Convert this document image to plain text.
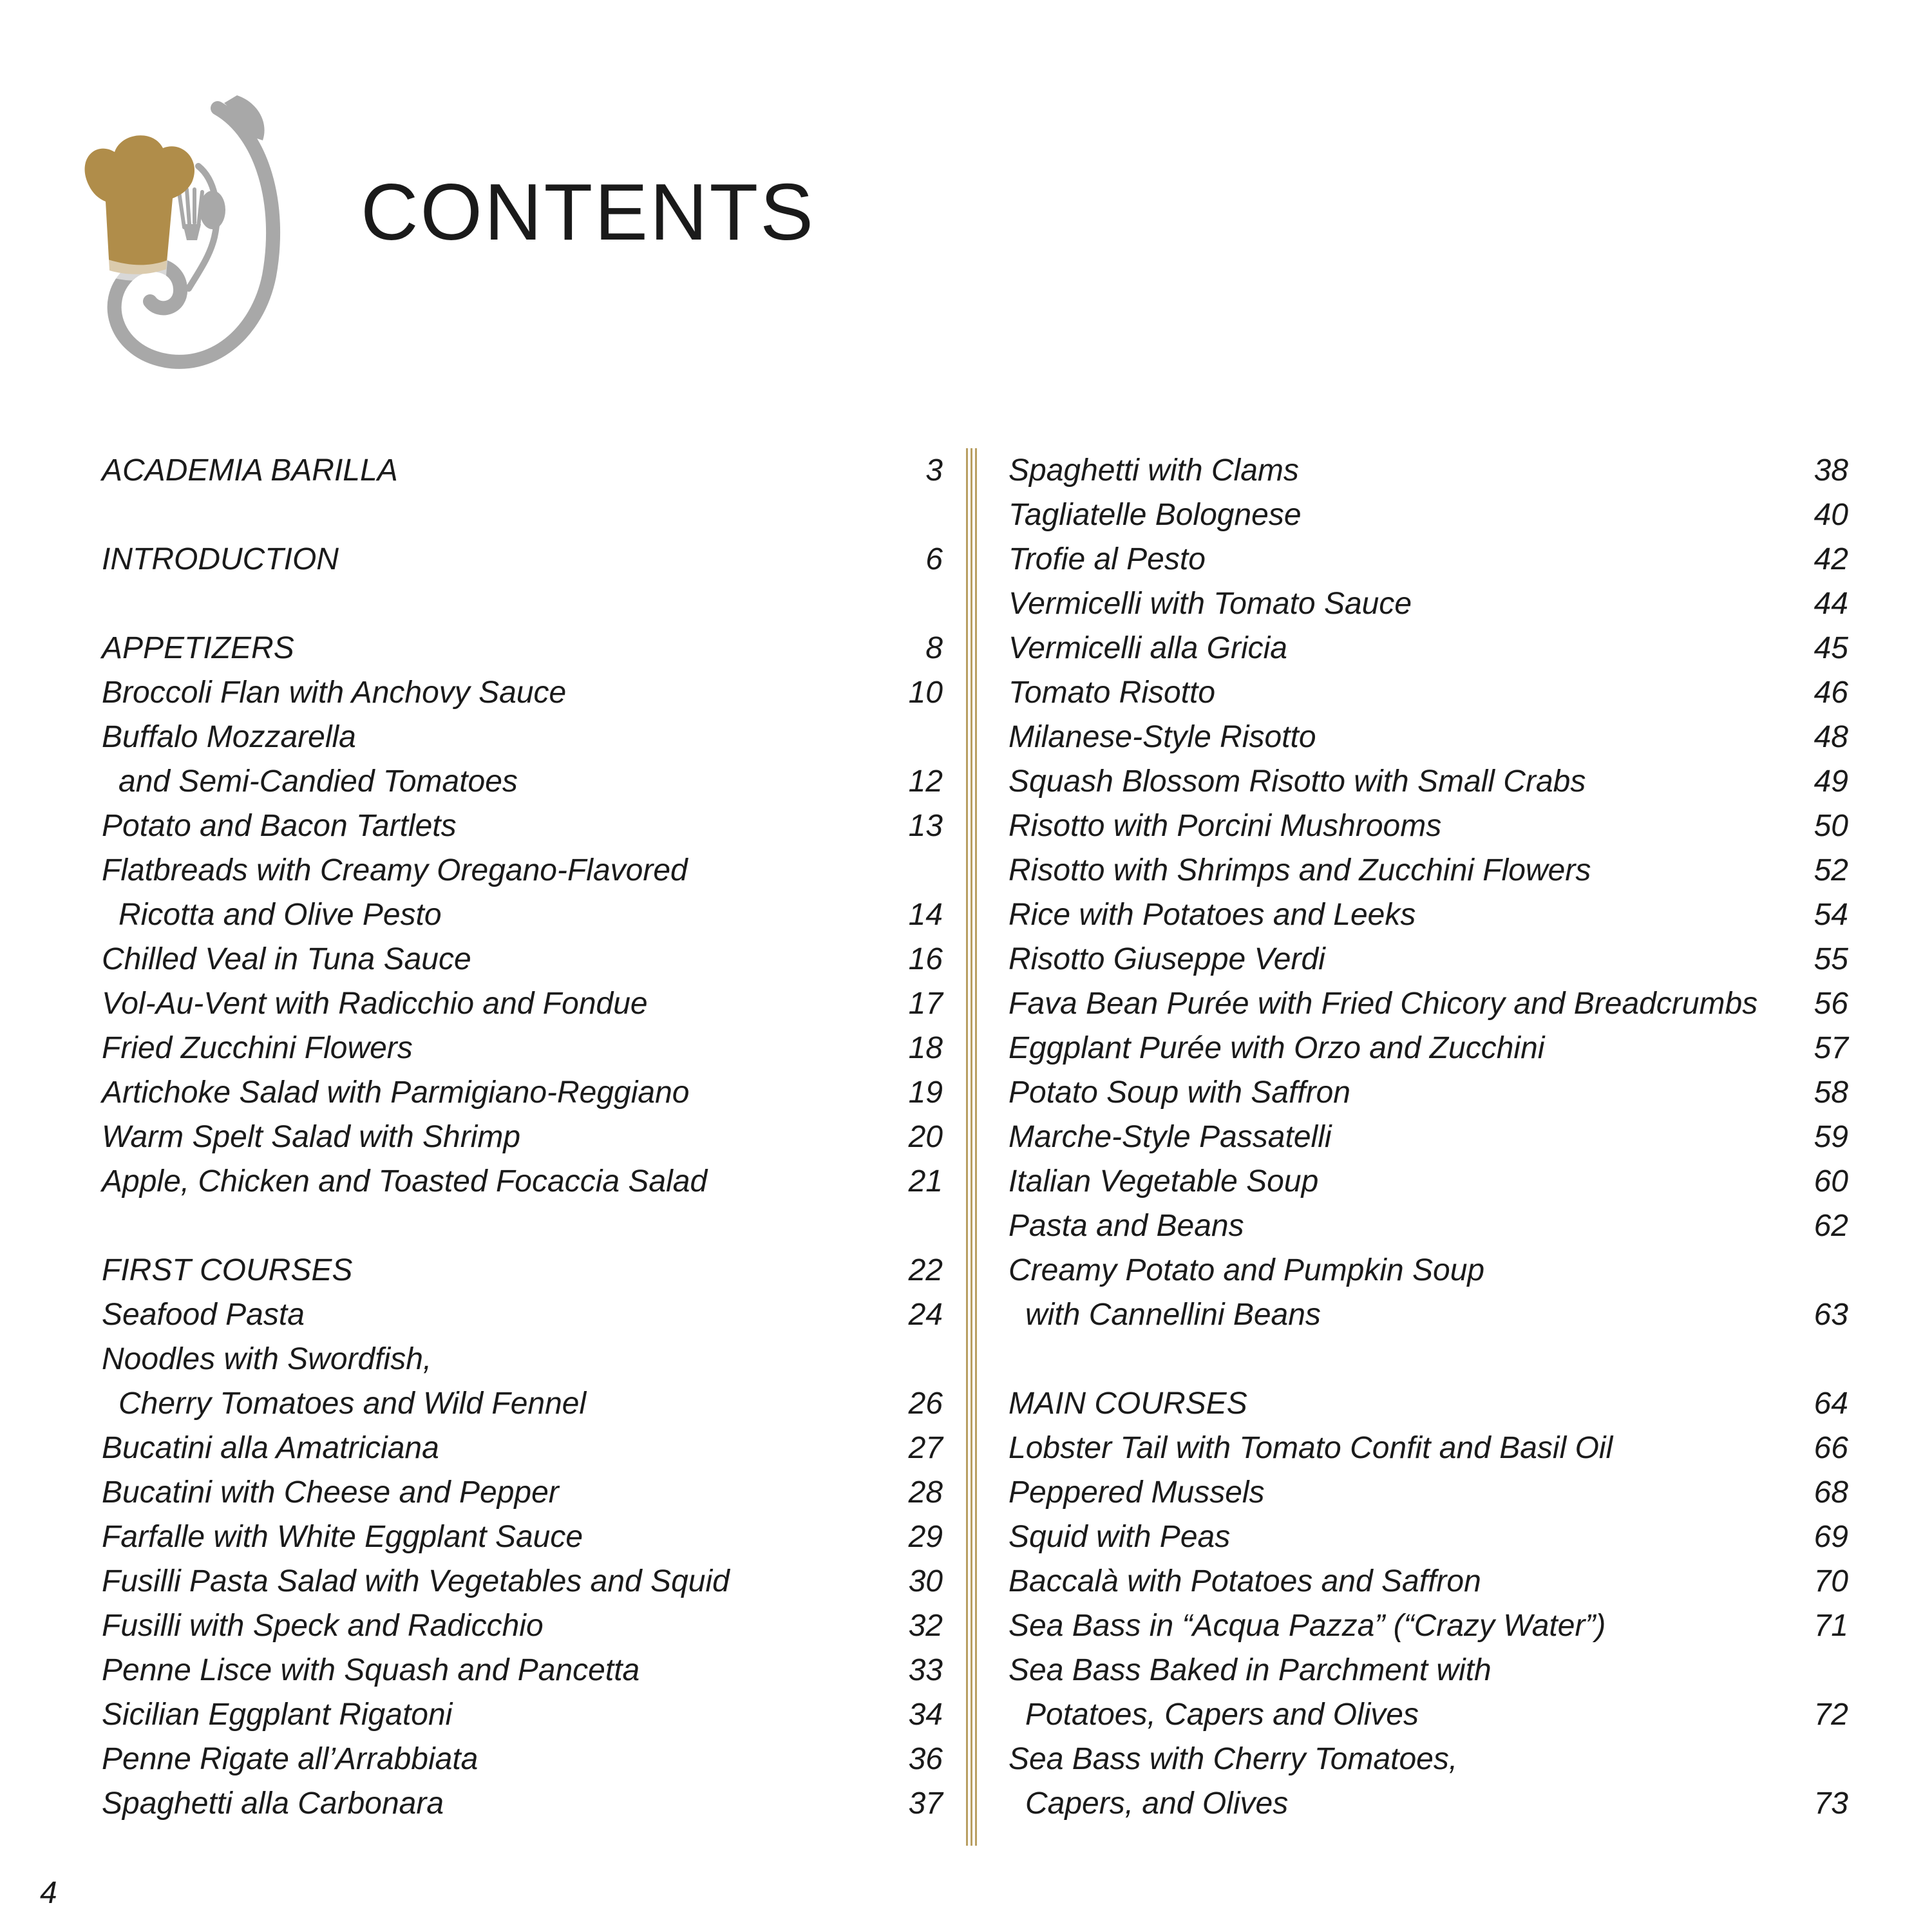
CONTENTS
ACADEMIA BARILLA	3
INTRODUCTION	6
APPETIZERS	8
Broccoli Flan with Anchovy Sauce	10
Buffalo Mozzarella
and Semi-Candied Tomatoes	12
Potato and Bacon Tartlets	13
Flatbreads with Creamy Oregano-Flavored
Ricotta and Olive Pesto	14
Chilled Veal in Tuna Sauce	16
Vol-Au-Vent with Radicchio and Fondue	17
Fried Zucchini Flowers	18
Artichoke Salad with Parmigiano-Reggiano	19
Warm Spelt Salad with Shrimp	20
Apple, Chicken and Toasted Focaccia Salad	21
FIRST COURSES	22
Seafood Pasta	24
Noodles with Swordfish,
Cherry Tomatoes and Wild Fennel	26
Bucatini alla Amatriciana	27
Bucatini with Cheese and Pepper	28
Farfalle with White Eggplant Sauce	29
Fusilli Pasta Salad with Vegetables and Squid	30
Fusilli with Speck and Radicchio	32
Penne Lisce with Squash and Pancetta	33
Sicilian Eggplant Rigatoni	34
Penne Rigate all’Arrabbiata	36
Spaghetti alla Carbonara	37
Spaghetti with Clams	38
Tagliatelle Bolognese	40
Trofie al Pesto	42
Vermicelli with Tomato Sauce	44
Vermicelli alla Gricia	45
Tomato Risotto	46
Milanese-Style Risotto	48
Squash Blossom Risotto with Small Crabs	49
Risotto with Porcini Mushrooms	50
Risotto with Shrimps and Zucchini Flowers	52
Rice with Potatoes and Leeks	54
Risotto Giuseppe Verdi	55
Fava Bean Purée with Fried Chicory and Breadcrumbs 56
Eggplant Purée with Orzo and Zucchini	57
Potato Soup with Saffron	58
Marche-Style Passatelli	59
Italian Vegetable Soup	60
Pasta and Beans	62
Creamy Potato and Pumpkin Soup
with Cannellini Beans	63
MAIN COURSES	64
Lobster Tail with Tomato Confit and Basil Oil	66
Peppered Mussels	68
Squid with Peas	69
Baccalà with Potatoes and Saffron	70
Sea Bass in “Acqua Pazza” (“Crazy Water”)	71
Sea Bass Baked in Parchment with
Potatoes, Capers and Olives	72
Sea Bass with Cherry Tomatoes,
Capers, and Olives	73
4
